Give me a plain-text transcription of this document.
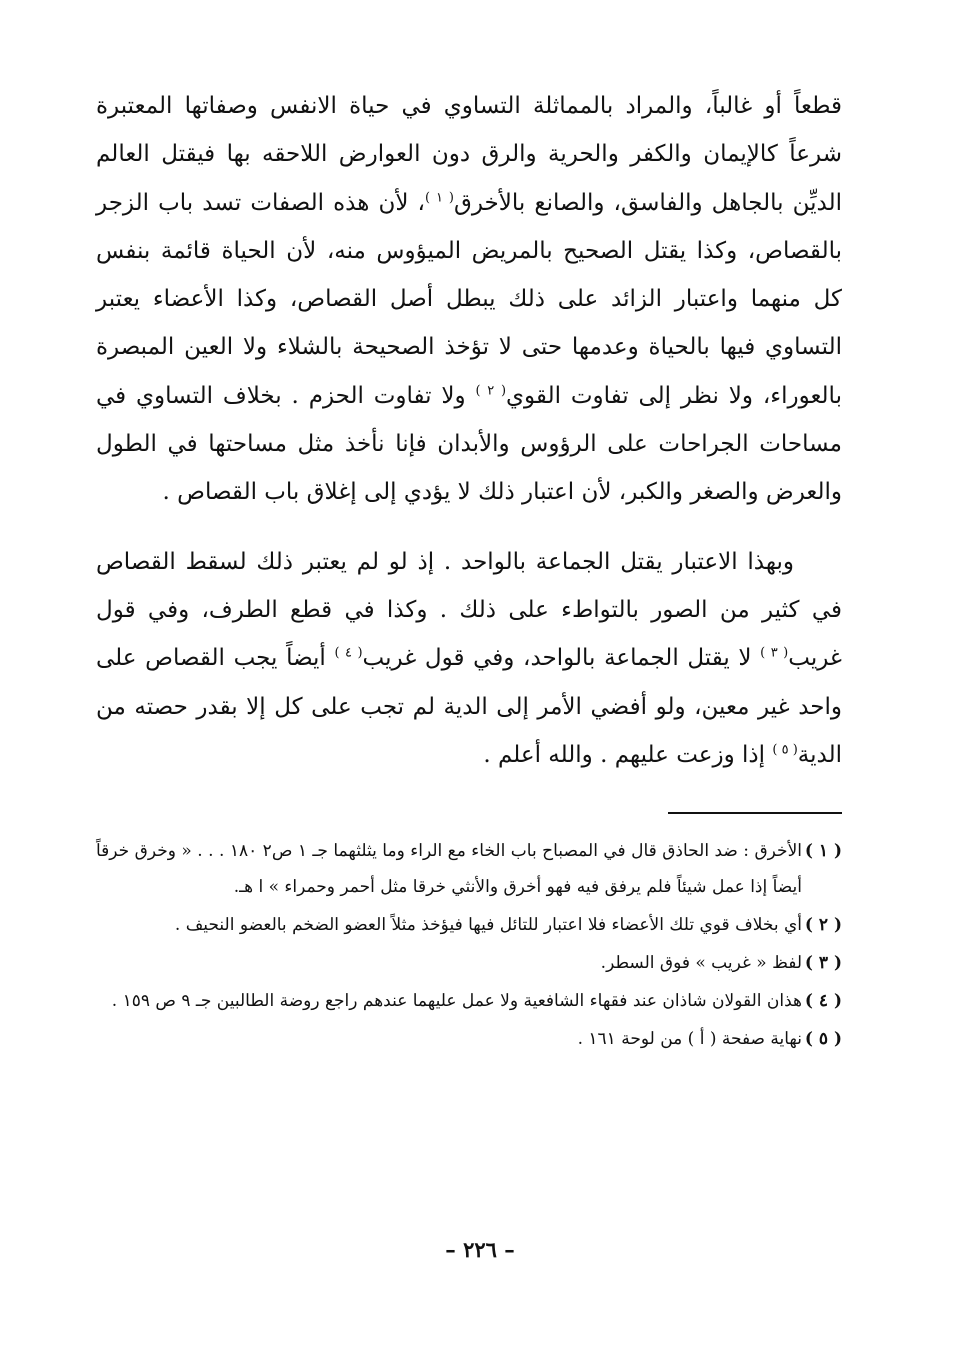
قطعاً أو غالباً، والمراد بالمماثلة التساوي في حياة الانفس وصفاتها المعتبرة شرعاً كالإيمان والكفر والحرية والرق دون العوارض اللاحقه بها فيقتل العالم الديِّن بالجاهل والفاسق، والصانع بالأخرق$^{( ١ )}$، لأن هذه الصفات تسد باب الزجر بالقصاص، وكذا يقتل الصحيح بالمريض الميؤوس منه، لأن الحياة قائمة بنفس كل منهما واعتبار الزائد على ذلك يبطل أصل القصاص، وكذا الأعضاء يعتبر التساوي فيها بالحياة وعدمها حتى لا تؤخذ الصحيحة بالشلاء ولا العين المبصرة بالعوراء، ولا نظر إلى تفاوت القوي$^{( ٢ )}$ ولا تفاوت الحزم . بخلاف التساوي في مساحات الجراحات على الرؤوس والأبدان فإنا نأخذ مثل مساحتها في الطول والعرض والصغر والكبر، لأن اعتبار ذلك لا يؤدي إلى إغلاق باب القصاص .

وبهذا الاعتبار يقتل الجماعة بالواحد . إذ لو لم يعتبر ذلك لسقط القصاص في كثير من الصور بالتواطء على ذلك . وكذا في قطع الطرف، وفي قول غريب$^{( ٣ )}$ لا يقتل الجماعة بالواحد، وفي قول غريب$^{( ٤ )}$ أيضاً يجب القصاص على واحد غير معين، ولو أفضي الأمر إلى الدية لم تجب على كل إلا بقدر حصته من الدية$^{( ٥ )}$ إذا وزعت عليهم . والله أعلم .

( ١ )
الأخرق : ضد الحاذق قال في المصباح باب الخاء مع الراء وما يثلثهما جـ ١ ص٢ ١٨٠ . . . « وخرق خرقاً أيضاً إذا عمل شيئاً فلم يرفق فيه فهو أخرق والأنثي خرقا مثل أحمر وحمراء » ا هـ.
( ٢ )
أي بخلاف قوي تلك الأعضاء فلا اعتبار للتائل فيها فيؤخذ مثلاً العضو الضخم بالعضو النحيف .
( ٣ )
لفظ « غريب » فوق السطر.
( ٤ )
هذان القولان شاذان عند فقهاء الشافعية ولا عمل عليهما عندهم راجع روضة الطالبين جـ ٩ ص ١٥٩ .
( ٥ )
نهاية صفحة ( أ ) من لوحة ١٦١ .
– ٢٢٦ –
